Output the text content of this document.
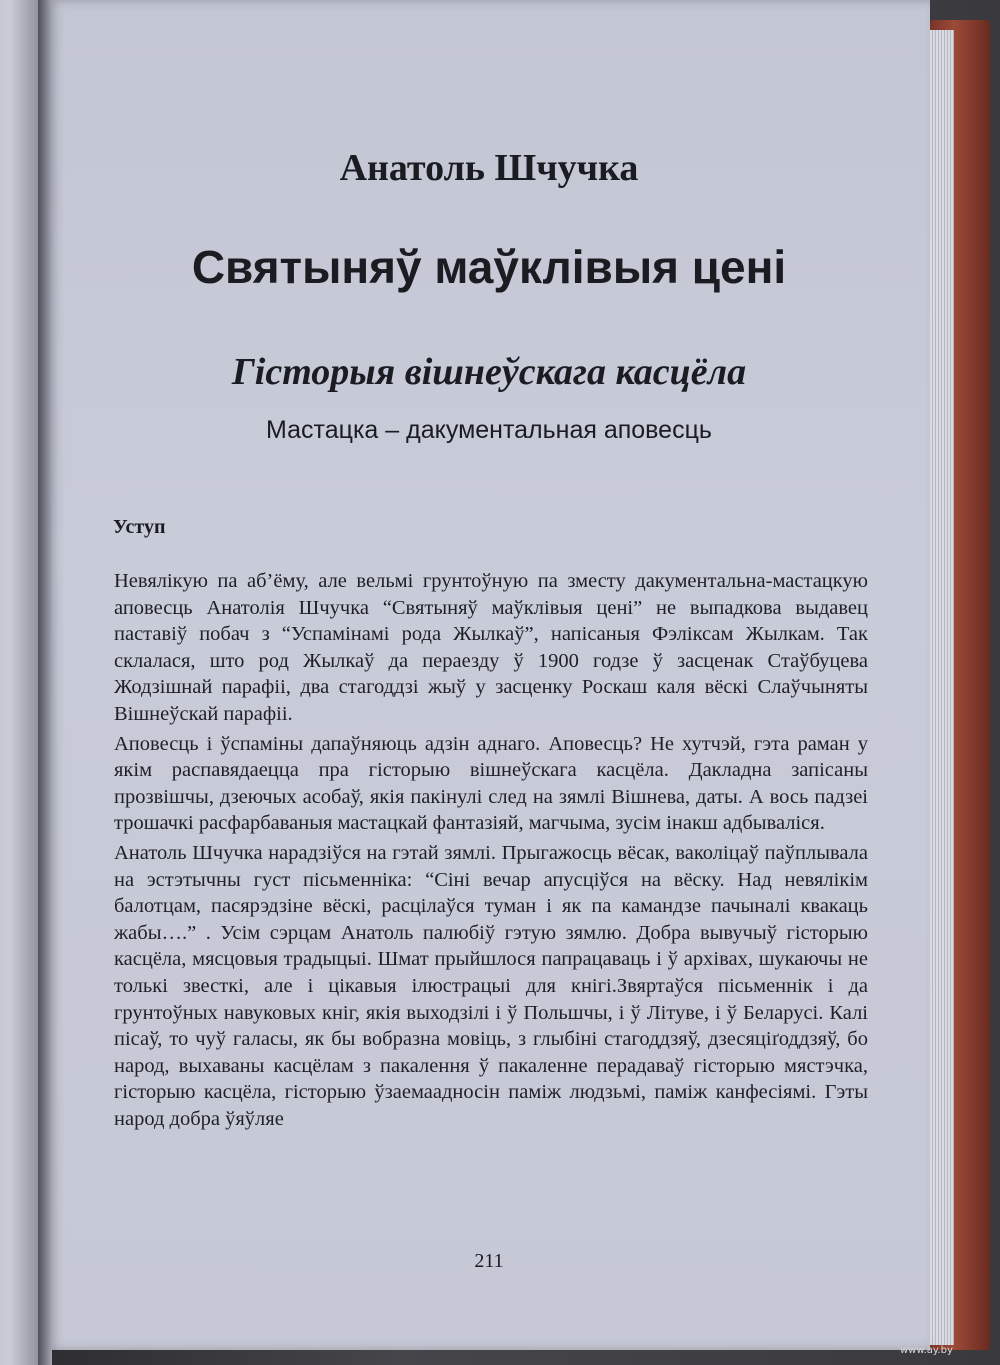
Анатоль Шчучка
Святыняў маўклівыя цені
Гісторыя вішнеўскага касцёла
Мастацка – дакументальная аповесць
Уступ

Невялікую па аб’ёму, але вельмі грунтоўную па зместу дакументальна-мастацкую аповесць Анатолія Шчучка “Святыняў маўклівыя цені” не выпадкова выдавец паставіў побач з “Успамінамі рода Жылкаў”, напісаныя Фэліксам Жылкам. Так склалася, што род Жылкаў да пераезду ў 1900 годзе ў засценак Стаўбуцева Жодзішнай парафіі, два стагоддзі жыў у засценку Роскаш каля вёскі Слаўчыняты Вішнеўскай парафіі.

Аповесць і ўспаміны дапаўняюць адзін аднаго. Аповесць? Не хутчэй, гэта раман у якім распавядаецца пра гісторыю вішнеўскага касцёла. Дакладна запісаны прозвішчы, дзеючых асобаў, якія пакінулі след на зямлі Вішнева, даты. А вось падзеі трошачкі расфарбаваныя мастацкай фантазіяй, магчыма, зусім інакш адбываліся.

Анатоль Шчучка нарадзіўся на гэтай зямлі. Прыгажосць вёсак, ваколіцаў паўплывала на эстэтычны густ пісьменніка: “Сіні вечар апусціўся на вёску. Над невялікім балотцам, пасярэдзіне вёскі, расцілаўся туман і як па камандзе пачыналі квакаць жабы….” . Усім сэрцам Анатоль палюбіў гэтую зямлю. Добра вывучыў гісторыю касцёла, мясцовыя традыцыі. Шмат прыйшлося папрацаваць і ў архівах, шукаючы не толькі звесткі, але і цікавыя ілюстрацыі для кнігі.Звяртаўся пісьменнік і да грунтоўных навуковых кніг, якія выходзілі і ў Польшчы, і ў Літуве, і ў Беларусі. Калі пісаў, то чуў галасы, як бы вобразна мовіць, з глыбіні стагоддзяў, дзесяціґоддзяў, бо народ, выхаваны касцёлам з пакалення ў пакаленне перадаваў гісторыю мястэчка, гісторыю касцёла, гісторыю ўзаемаадносін паміж людзьмі, паміж канфесіямі. Гэты народ добра ўяўляе

211
www.ay.by
